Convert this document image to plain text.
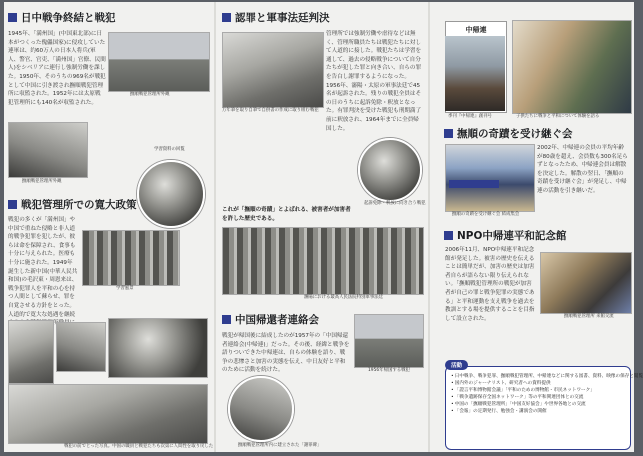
日中戦争終結と戦犯
1945年、「満州国」(中国東北部)に日本がつくった傀儡国家)に侵攻していた連軍は、約60万人の日本人将兵(軍人、警官、官吏、「満州国」官僚、民間人)をシベリアに連行し強制労働を課した。1950年、そのうちの969名が戦犯として中国に引き渡され撫順戦犯管理所に収監された。1952年には太原戦犯管理所にも140名が収監された。
撫順戦犯管理所外観
撫順戦犯管理所外観
学習資料の回覧
戦犯管理所での寛大政策
戦犯の多くが「満州国」や中国で重ねた侵略と非人道的戦争犯罪を犯したが、彼らは命を保障され、食事も十分に与えられた。医療も十分に施された。1949年誕生した新中国(中華人民共和国)の毛沢東・周恩来は、戦争犯罪人を平和の心を持つ人間として蘇らせ、罪を自覚させる方針をとった。人道的で寛大な処遇を継続
学習風景
戦犯の前でとった写真。中国の職員と戦犯たちも次第に人間性を取り戻した
認罪と軍事法廷判決
万年筆を取り自筆で自供書の作成に取り組む戦犯
管理所では強制労働や虐待などは無く、管理所職員たちは戦犯たちに対して人道的に接した。戦犯たちは学習を通して、過去の侵略戦争について自分たちが犯した罪と向き合い、自らの罪を告白し謝罪するようになった。1956年、瀋陽・太原の軍事法廷で45名が起訴された。残りの戦犯全員はその日のうちに起訴免除・釈放となった。有罪判決を受けた戦犯も刑期満了前に釈放され、1964年までに全員帰国した。
起訴免除・釈放に向き合う戦犯
これが「撫順の奇蹟」とよばれる、被害者が加害者を許した歴史である。
瀋陽における最高人民法院特別軍事法廷
中国帰還者連絡会
戦犯が帰国後に結成したのが1957年の「中国帰還者連絡会(中帰連)」だった。その後、経緯と戦争を語りついできた中帰連は、自らの体験を語り、戦争の悲惨さと加害の実態を伝え、中日友好と平和のために活動を続けた。	1956年帰国する戦犯
撫順戦犯管理所内に建立された「謝罪碑」
中帰連
季刊『中帰連』創刊号	子供たちに戦争と平和について体験を語る
撫順の奇蹟を受け継ぐ会
撫順の奇蹟を受け継ぐ会 結成集会
2002年、中帰連の会員の平均年齢が80歳を超え、会員数も300名足らずとなったため、中帰連会員は解散を決定した。解散の翌日、「撫順の奇蹟を受け継ぐ会」が発足し、中帰連の活動を引き継いだ。
NPO中帰連平和記念館
2006年11月、NPO中帰連平和記念館が発足した。被害の歴史を伝えることは簡単だが、加害の歴史は加害者自らが語らない限り伝えられない。「撫順戦犯管理所の戦犯が加害者が自己の罪と戦争犯罪の実態である」と平和運動を支え戦争を過去を教訓とする場を提供することを目指して設立された。	撫順戦犯管理所 来館交流
活動
• 日中戦争、戦争犯罪、撫順戦犯管理所、中帰連などに関する図書、資料、映像の保存と閲覧
• 国内外のジャーナリスト、研究者への資料提供
• 「證言平和博物館会議」「平和のための博物館・市民ネットワーク」
• 「戦争遺跡保存全国ネットワーク」等の平和関連団体との交流
• 中国の「撫順戦犯管理所」「中国友好協会」や世界各地との交流
• 「会報」の定期発行、勉強会・講演会の開催
